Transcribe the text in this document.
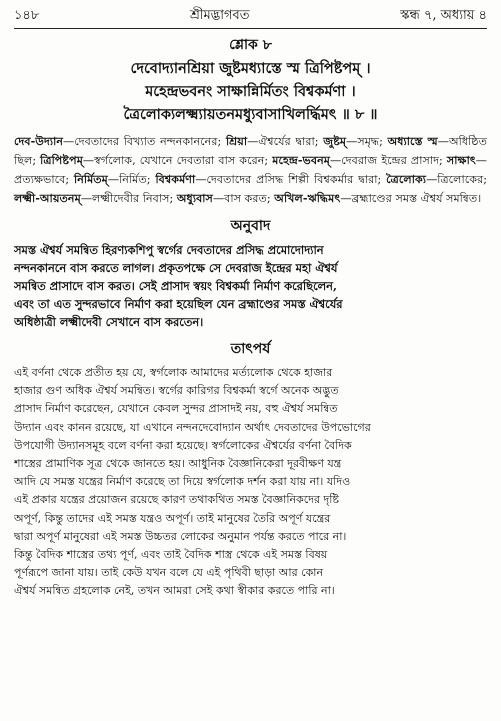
১৪৮	শ্রীমদ্ভাগবত	স্কন্ধ ৭, অধ্যায় ৪
শ্লোক ৮
দেবোদ্যানশ্রিয়া জুষ্টমধ্যাস্তে স্ম ত্রিপিষ্টপম্ ।
মহেন্দ্রভবনং সাক্ষান্নির্মিতং বিশ্বকর্মণা ।
ত্রৈলোক্যলক্ষ্ম্যায়তনমধ্যুবাসাখিলর্দ্ধিমৎ ॥ ৮ ॥
দেব-উদ্যান—দেবতাদের বিখ্যাত নন্দনকাননের; শ্রিয়া—ঐশ্বর্যের দ্বারা; জুষ্টম্—সমৃদ্ধ; অধ্যাস্তে স্ম—অধিষ্ঠিত ছিল; ত্রিপিষ্টপম্—স্বর্গলোক, যেখানে দেবতারা বাস করেন; মহেন্দ্র-ভবনম্—দেবরাজ ইন্দ্রের প্রাসাদ; সাক্ষাৎ—প্রত্যক্ষভাবে; নির্মিতম্—নির্মিত; বিশ্বকর্মণা—দেবতাদের প্রসিদ্ধ শিল্পী বিশ্বকর্মার দ্বারা; ত্রৈলোক্য—ত্রিলোকের; লক্ষ্মী-আয়তনম্—লক্ষ্মীদেবীর নিবাস; অধ্যুবাস—বাস করত; অখিল-ঋদ্ধিমৎ—ব্রহ্মাণ্ডের সমস্ত ঐশ্বর্য সমন্বিত।
অনুবাদ
সমস্ত ঐশ্বর্য সমন্বিত হিরণ্যকশিপু স্বর্গের দেবতাদের প্রসিদ্ধ প্রমোদোদ্যান
নন্দনকাননে বাস করতে লাগল। প্রকৃতপক্ষে সে দেবরাজ ইন্দ্রের মহা ঐশ্বর্য
সমন্বিত প্রাসাদে বাস করত। সেই প্রাসাদ স্বয়ং বিশ্বকর্মা নির্মাণ করেছিলেন,
এবং তা এত সুন্দরভাবে নির্মাণ করা হয়েছিল যেন ব্রহ্মাণ্ডের সমস্ত ঐশ্বর্যের
অধিষ্ঠাত্রী লক্ষ্মীদেবী সেখানে বাস করতেন।
তাৎপর্য
এই বর্ণনা থেকে প্রতীত হয় যে, স্বর্গলোক আমাদের মর্ত্যলোক থেকে হাজার
হাজার গুণ অধিক ঐশ্বর্য সমন্বিত। স্বর্গের কারিগর বিশ্বকর্মা স্বর্গে অনেক অদ্ভুত
প্রাসাদ নির্মাণ করেছেন, যেখানে কেবল সুন্দর প্রাসাদই নয়, বহু ঐশ্বর্য সমন্বিত
উদ্যান এবং কানন রয়েছে, যা এখানে নন্দনদেবোদ্যান অর্থাৎ দেবতাদের উপভোগের
উপযোগী উদ্যানসমূহ বলে বর্ণনা করা হয়েছে। স্বর্গলোকের ঐশ্বর্যের বর্ণনা বৈদিক
শাস্ত্রের প্রামাণিক সূত্র থেকে জানতে হয়। আধুনিক বৈজ্ঞানিকেরা দূরবীক্ষণ যন্ত্র
আদি যে সমস্ত যন্ত্রের নির্মাণ করেছে তা দিয়ে স্বর্গলোক দর্শন করা যায় না। যদিও
এই প্রকার যন্ত্রের প্রয়োজন রয়েছে কারণ তথাকথিত সমস্ত বৈজ্ঞানিকদের দৃষ্টি
অপূর্ণ, কিন্তু তাদের এই সমস্ত যন্ত্রও অপূর্ণ। তাই মানুষের তৈরি অপূর্ণ যন্ত্রের
দ্বারা অপূর্ণ মানুষেরা এই সমস্ত উচ্চতর লোকের অনুমান পর্যন্ত করতে পারে না।
কিন্তু বৈদিক শাস্ত্রের তথ্য পূর্ণ, এবং তাই বৈদিক শাস্ত্র থেকে এই সমস্ত বিষয়
পূর্ণরূপে জানা যায়। তাই কেউ যখন বলে যে এই পৃথিবী ছাড়া আর কোন
ঐশ্বর্য সমন্বিত গ্রহলোক নেই, তখন আমরা সেই কথা স্বীকার করতে পারি না।
